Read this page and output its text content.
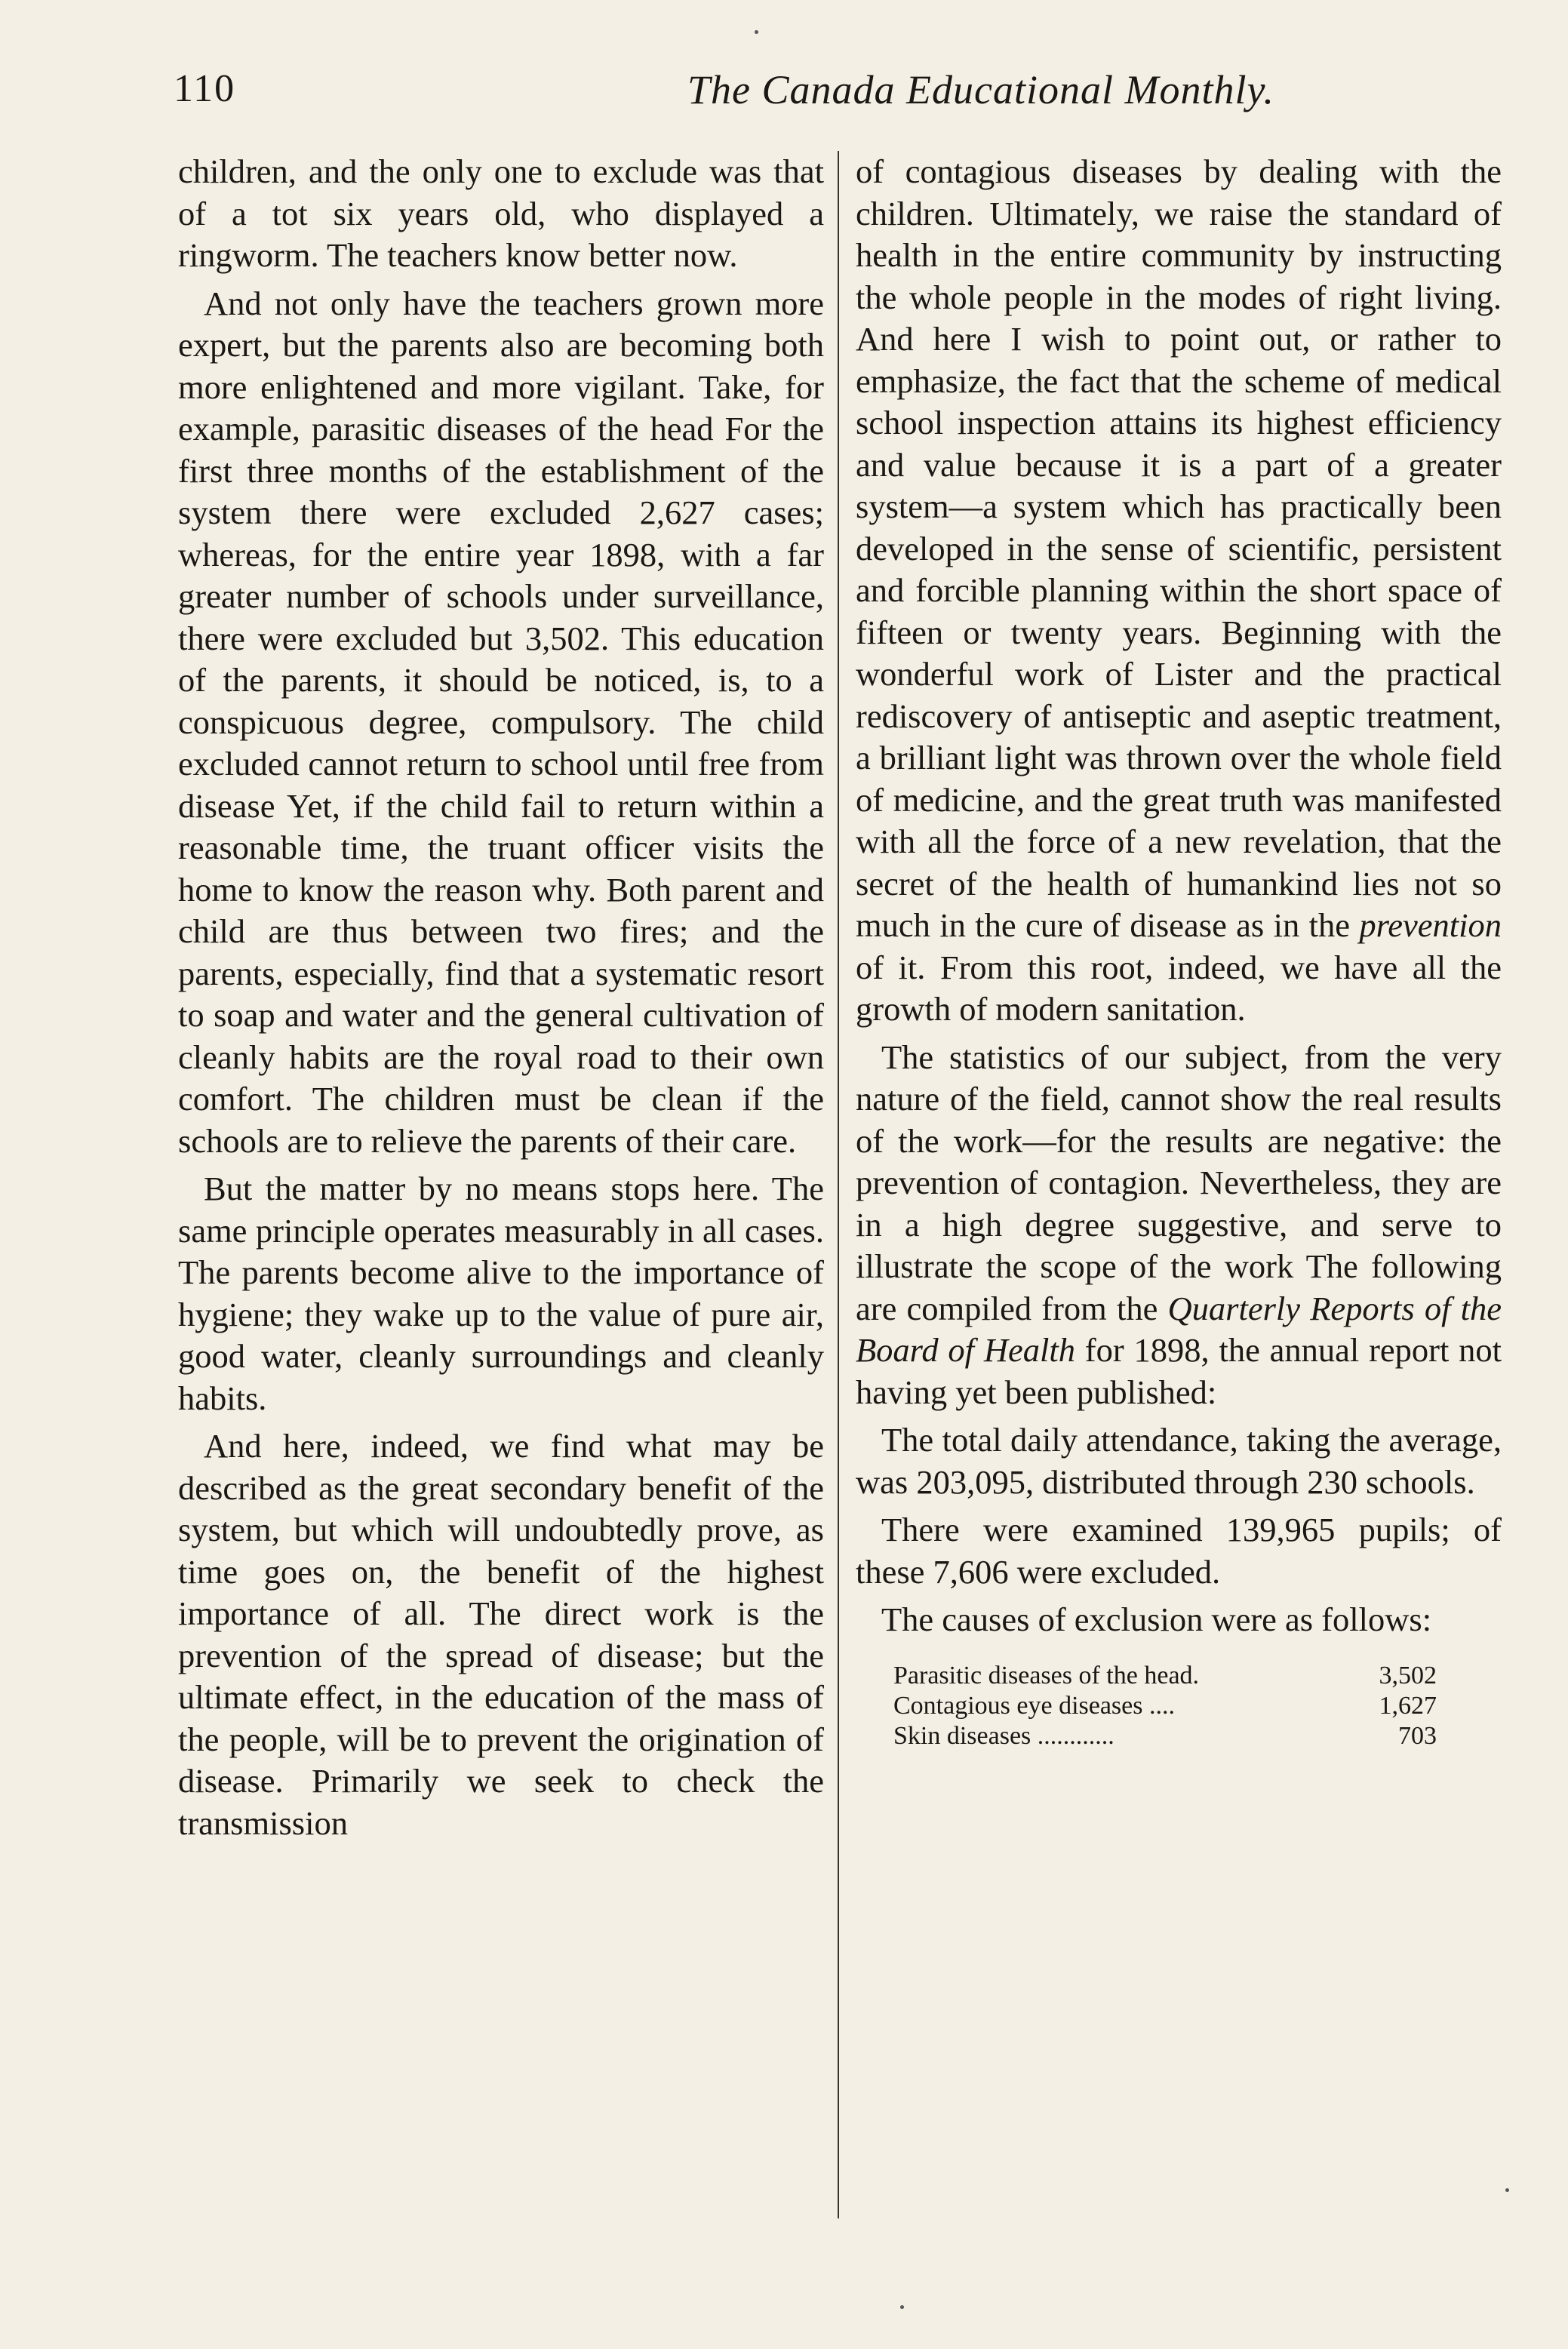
110	The Canada Educational Monthly.

children, and the only one to exclude was that of a tot six years old, who displayed a ringworm. The teachers know better now.

And not only have the teachers grown more expert, but the parents also are becoming both more enlightened and more vigilant. Take, for example, parasitic diseases of the head For the first three months of the establishment of the system there were excluded 2,627 cases; whereas, for the entire year 1898, with a far greater number of schools under surveillance, there were excluded but 3,502. This education of the parents, it should be noticed, is, to a conspicuous degree, compulsory. The child excluded cannot return to school until free from disease Yet, if the child fail to return within a reasonable time, the truant officer visits the home to know the reason why. Both parent and child are thus between two fires; and the parents, especially, find that a systematic resort to soap and water and the general cultivation of cleanly habits are the royal road to their own comfort. The children must be clean if the schools are to relieve the parents of their care.

But the matter by no means stops here. The same principle operates measurably in all cases. The parents become alive to the importance of hygiene; they wake up to the value of pure air, good water, cleanly surroundings and cleanly habits.

And here, indeed, we find what may be described as the great secondary benefit of the system, but which will undoubtedly prove, as time goes on, the benefit of the highest importance of all. The direct work is the prevention of the spread of disease; but the ultimate effect, in the education of the mass of the people, will be to prevent the origination of disease. Primarily we seek to check the transmission

of contagious diseases by dealing with the children. Ultimately, we raise the standard of health in the entire community by instructing the whole people in the modes of right living. And here I wish to point out, or rather to emphasize, the fact that the scheme of medical school inspection attains its highest efficiency and value because it is a part of a greater system—a system which has practically been developed in the sense of scientific, persistent and forcible planning within the short space of fifteen or twenty years. Beginning with the wonderful work of Lister and the practical rediscovery of antiseptic and aseptic treatment, a brilliant light was thrown over the whole field of medicine, and the great truth was manifested with all the force of a new revelation, that the secret of the health of humankind lies not so much in the cure of disease as in the prevention of it. From this root, indeed, we have all the growth of modern sanitation.

The statistics of our subject, from the very nature of the field, cannot show the real results of the work—for the results are negative: the prevention of contagion. Nevertheless, they are in a high degree suggestive, and serve to illustrate the scope of the work The following are compiled from the Quarterly Reports of the Board of Health for 1898, the annual report not having yet been published:

The total daily attendance, taking the average, was 203,095, distributed through 230 schools.

There were examined 139,965 pupils; of these 7,606 were excluded.

The causes of exclusion were as follows:

Parasitic diseases of the head.	3,502
Contagious eye diseases ....	1,627
Skin diseases ............	703
